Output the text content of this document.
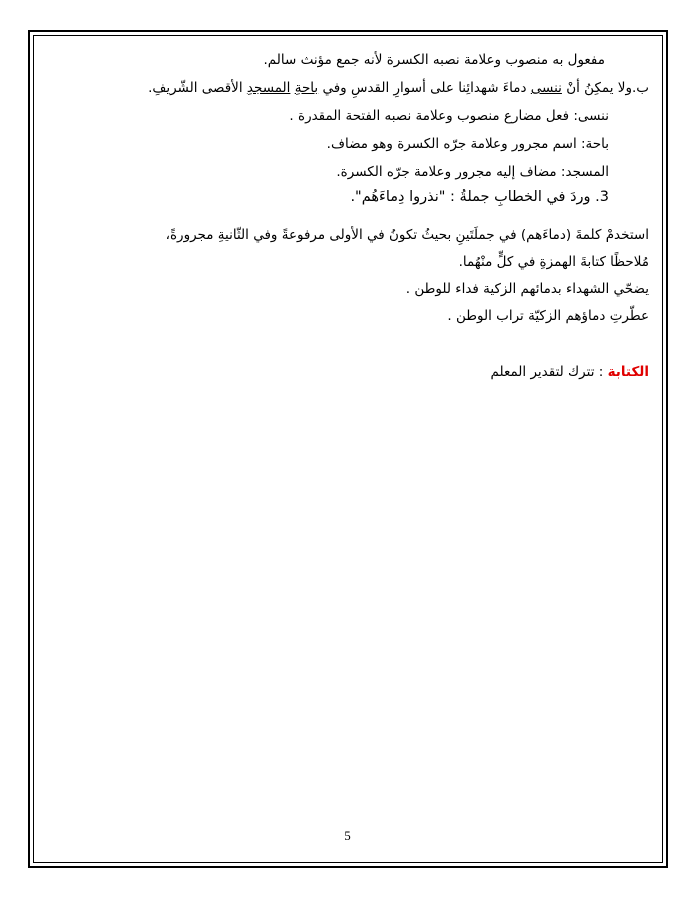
مفعول به منصوب وعلامة نصبه الكسرة لأنه جمع مؤنث سالم.
ب.ولا يمكِنُ أنْ ننسى دماءَ شهدائِنا على أسوارِ القدسِ وفي باحةِ المسجدِ الأقصى الشّريفِ.
ننسى: فعل مضارع منصوب وعلامة نصبه الفتحة المقدرة .
باحة: اسم مجرور وعلامة جرّه الكسرة وهو مضاف.
المسجد: مضاف إليه مجرور وعلامة جرّه الكسرة.
3. وردَ في الخطابِ جملةُ : "نذروا دِماءَهُم".
استخدمْ كلمةَ (دماءَهم) في جملَتَينِ بحيثُ تكونُ في الأولى مرفوعةً وفي الثّانيةِ مجرورةً،
مُلاحظًا كتابةَ الهمزةِ في كلٍّ منْهُما.
يضحّي الشهداء بدمائهم الزكية فداء للوطن .
عطّرتِ دماؤهم الزكيّة تراب الوطن .
الكتابة : تترك لتقدير المعلم
5
